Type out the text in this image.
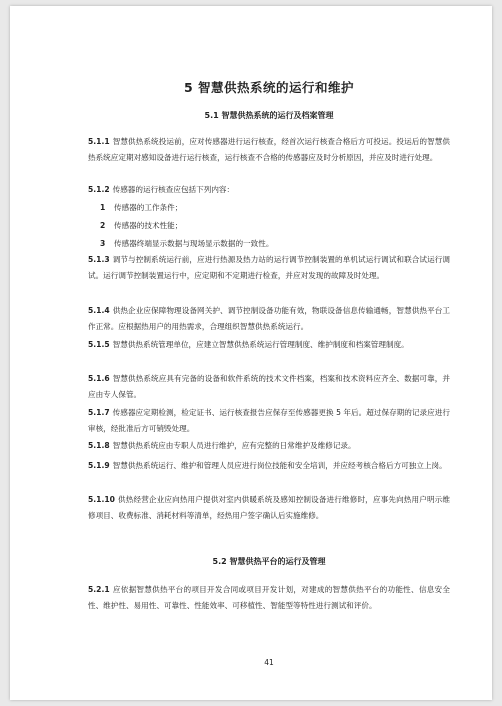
5 智慧供热系统的运行和维护
5.1 智慧供热系统的运行及档案管理
5.1.1 智慧供热系统投运前，应对传感器进行运行核查，经首次运行核查合格后方可投运。投运后的智慧供热系统应定期对感知设备进行运行核查，运行核查不合格的传感器应及时分析原因，并应及时进行处理。
5.1.2 传感器的运行核查应包括下列内容：
1 传感器的工作条件；
2 传感器的技术性能；
3 传感器终端显示数据与现场显示数据的一致性。
5.1.3 调节与控制系统运行前，应进行热源及热力站的运行调节控制装置的单机试运行调试和联合试运行调试。运行调节控制装置运行中，应定期和不定期进行检查，并应对发现的故障及时处理。
5.1.4 供热企业应保障物理设备网关护、调节控制设备功能有效，物联设备信息传输通畅，智慧供热平台工作正常。应根据热用户的用热需求，合理组织智慧供热系统运行。
5.1.5 智慧供热系统管理单位，应建立智慧供热系统运行管理制度、维护制度和档案管理制度。
5.1.6 智慧供热系统应具有完备的设备和软件系统的技术文件档案，档案和技术资料应齐全、数据可靠，并应由专人保管。
5.1.7 传感器应定期检测，检定证书、运行核查报告应保存至传感器更换 5 年后。超过保存期的记录应进行审核，经批准后方可销毁处理。
5.1.8 智慧供热系统应由专职人员进行维护，应有完整的日常维护及维修记录。
5.1.9 智慧供热系统运行、维护和管理人员应进行岗位技能和安全培训，并应经考核合格后方可独立上岗。
5.1.10 供热经营企业应向热用户提供对室内供暖系统及感知控制设备进行维修时，应事先向热用户明示维修项目、收费标准、消耗材料等清单，经热用户签字确认后实施维修。
5.2 智慧供热平台的运行及管理
5.2.1 应依据智慧供热平台的项目开发合同或项目开发计划，对建成的智慧供热平台的功能性、信息安全性、维护性、易用性、可靠性、性能效率、可移植性、智能型等特性进行测试和评价。
41
